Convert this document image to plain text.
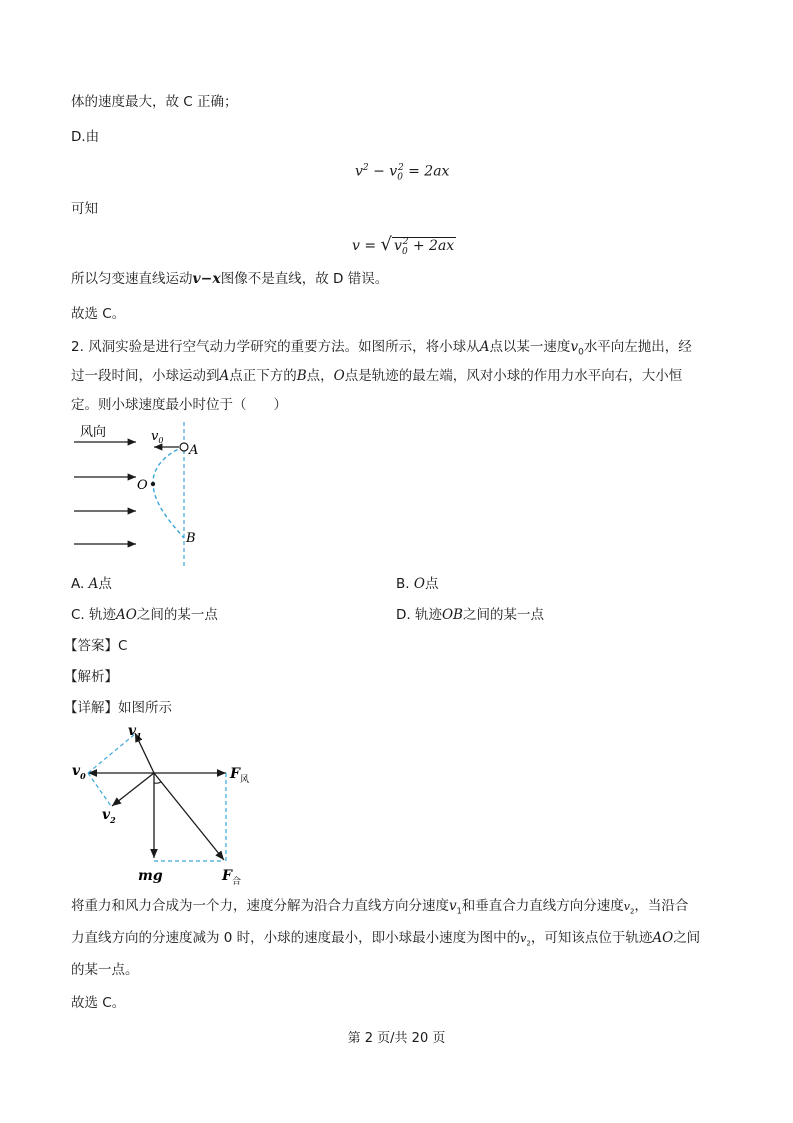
体的速度最大，故 C 正确；
D.由
$v^2 - v_0^2 = 2ax$
可知
v = √ $v_0^2 + 2ax$
所以匀变速直线运动v−x图像不是直线，故 D 错误。
故选 C。
2. 风洞实验是进行空气动力学研究的重要方法。如图所示，将小球从A点以某一速度$v_0$水平向左抛出，经
过一段时间，小球运动到A点正下方的B点，O点是轨迹的最左端，风对小球的作用力水平向右，大小恒
定。则小球速度最小时位于（　　）
风向	$v_0$
A
O
B
A. A点	B. O点
C. 轨迹AO之间的某一点	D. 轨迹OB之间的某一点
【答案】C
【解析】
【详解】如图所示
$v_1$
$v_0$
$v_2$
$F_风$
mg	$F_合$
将重力和风力合成为一个力，速度分解为沿合力直线方向分速度$v_1$和垂直合力直线方向分速度$v_2$，当沿合
力直线方向的分速度减为 0 时，小球的速度最小，即小球最小速度为图中的$v_2$，可知该点位于轨迹AO之间
的某一点。
故选 C。
第 2 页/共 20 页
